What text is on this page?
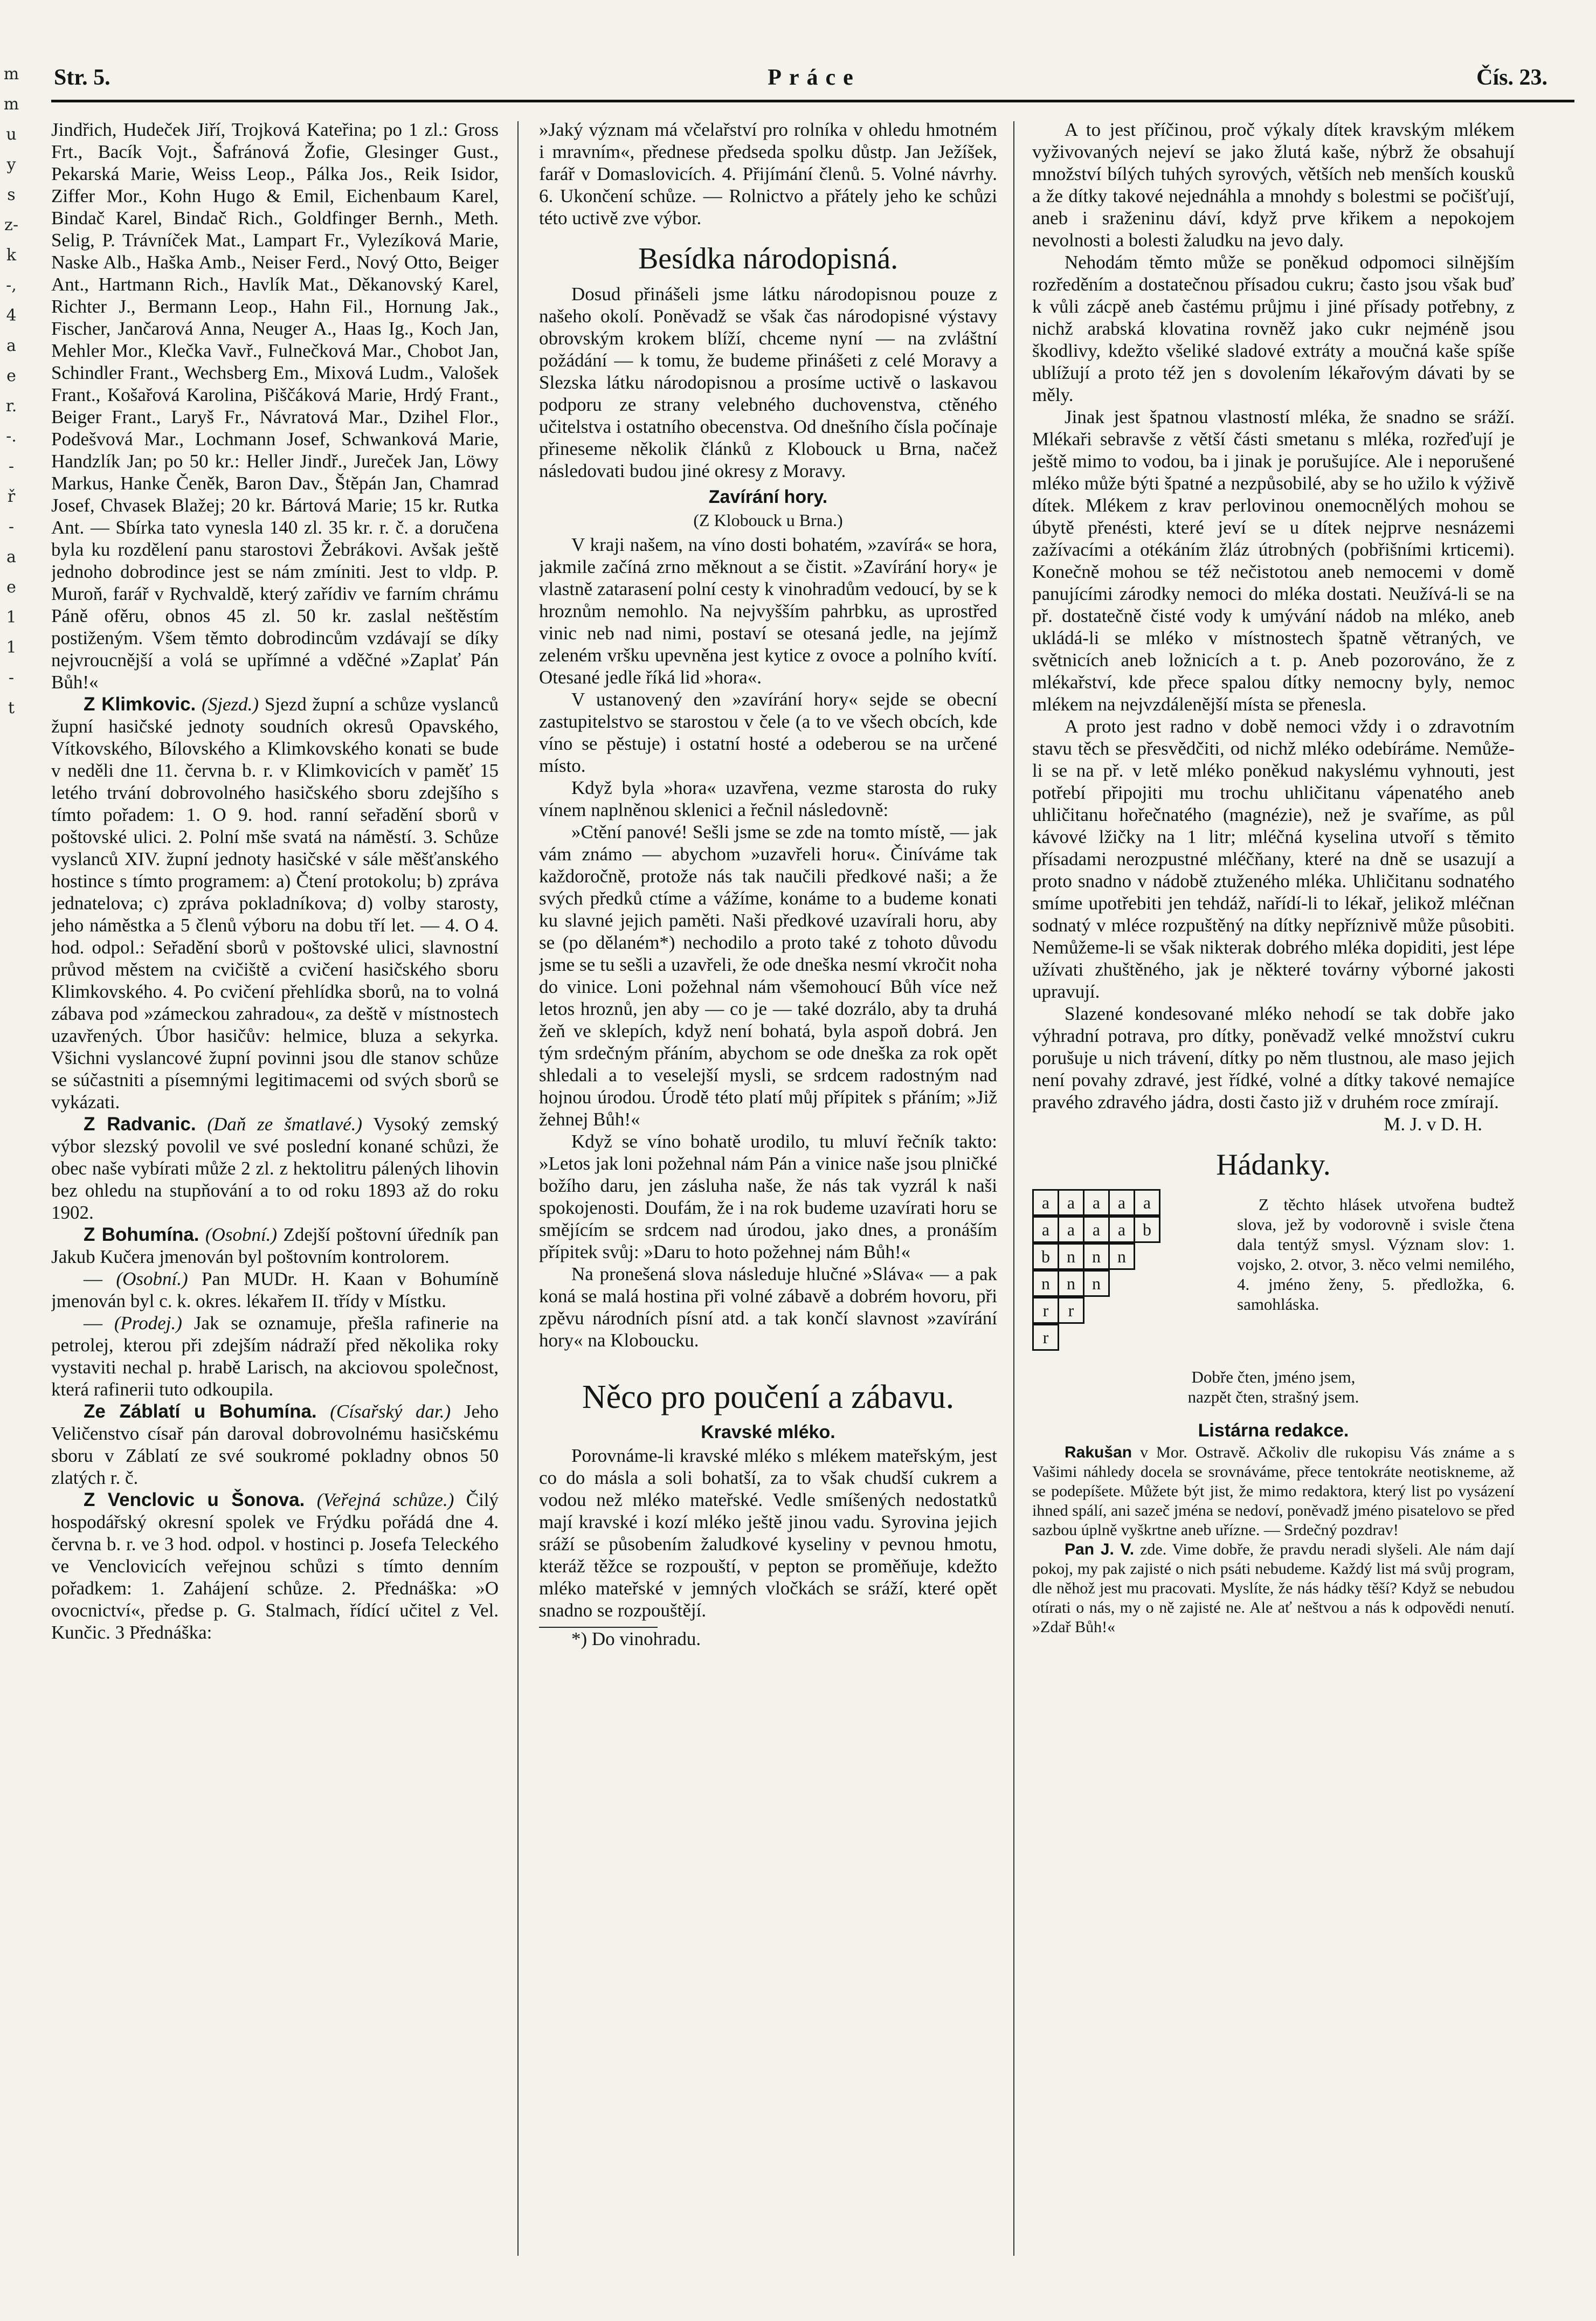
m
m
u
y
s
z-
k
-,
4
a
e
r.
-.
-
ř
-
a
e
1
1
-
t
Str. 5.	Práce	Čís. 23.

Jindřich, Hudeček Jiří, Trojková Kateřina; po 1 zl.: Gross Frt., Bacík Vojt., Šafránová Žofie, Glesinger Gust., Pekarská Marie, Weiss Leop., Pálka Jos., Reik Isidor, Ziffer Mor., Kohn Hugo & Emil, Eichenbaum Karel, Bindač Karel, Bindač Rich., Goldfinger Bernh., Meth. Selig, P. Trávníček Mat., Lampart Fr., Vylezíková Marie, Naske Alb., Haška Amb., Neiser Ferd., Nový Otto, Beiger Ant., Hartmann Rich., Havlík Mat., Děkanovský Karel, Richter J., Bermann Leop., Hahn Fil., Hornung Jak., Fischer, Jančarová Anna, Neuger A., Haas Ig., Koch Jan, Mehler Mor., Klečka Vavř., Fulnečková Mar., Chobot Jan, Schindler Frant., Wechsberg Em., Mixová Ludm., Valošek Frant., Košařová Karolina, Piščáková Marie, Hrdý Frant., Beiger Frant., Laryš Fr., Návratová Mar., Dzihel Flor., Podešvová Mar., Lochmann Josef, Schwanková Marie, Handzlík Jan; po 50 kr.: Heller Jindř., Jureček Jan, Löwy Markus, Hanke Čeněk, Baron Dav., Štěpán Jan, Chamrad Josef, Chvasek Blažej; 20 kr. Bártová Marie; 15 kr. Rutka Ant. — Sbírka tato vynesla 140 zl. 35 kr. r. č. a doručena byla ku rozdělení panu starostovi Žebrákovi. Avšak ještě jednoho dobrodince jest se nám zmíniti. Jest to vldp. P. Muroň, farář v Rychvaldě, který zařídiv ve farním chrámu Páně ofěru, obnos 45 zl. 50 kr. zaslal neštěstím postiženým. Všem těmto dobrodincům vzdávají se díky nejvroucnější a volá se upřímné a vděčné »Zaplať Pán Bůh!«

Z Klimkovic. (Sjezd.) Sjezd župní a schůze vyslanců župní hasičské jednoty soudních okresů Opavského, Vítkovského, Bílovského a Klimkovského konati se bude v neděli dne 11. června b. r. v Klimkovicích v paměť 15 letého trvání dobrovolného hasičského sboru zdejšího s tímto pořadem: 1. O 9. hod. ranní seřadění sborů v poštovské ulici. 2. Polní mše svatá na náměstí. 3. Schůze vyslanců XIV. župní jednoty hasičské v sále měšťanského hostince s tímto programem: a) Čtení protokolu; b) zpráva jednatelova; c) zpráva pokladníkova; d) volby starosty, jeho náměstka a 5 členů výboru na dobu tří let. — 4. O 4. hod. odpol.: Seřadění sborů v poštovské ulici, slavnostní průvod městem na cvičiště a cvičení hasičského sboru Klimkovského. 4. Po cvičení přehlídka sborů, na to volná zábava pod »zámeckou zahradou«, za deště v místnostech uzavřených. Úbor hasičův: helmice, bluza a sekyrka. Všichni vyslancové župní povinni jsou dle stanov schůze se súčastniti a písemnými legitimacemi od svých sborů se vykázati.

Z Radvanic. (Daň ze šmatlavé.) Vysoký zemský výbor slezský povolil ve své poslední konané schůzi, že obec naše vybírati může 2 zl. z hektolitru pálených lihovin bez ohledu na stupňování a to od roku 1893 až do roku 1902.

Z Bohumína. (Osobní.) Zdejší poštovní úředník pan Jakub Kučera jmenován byl poštovním kontrolorem.

— (Osobní.) Pan MUDr. H. Kaan v Bohumíně jmenován byl c. k. okres. lékařem II. třídy v Místku.

— (Prodej.) Jak se oznamuje, přešla rafinerie na petrolej, kterou při zdejším nádraží před několika roky vystaviti nechal p. hrabě Larisch, na akciovou společnost, která rafinerii tuto odkoupila.

Ze Záblatí u Bohumína. (Císařský dar.) Jeho Veličenstvo císař pán daroval dobrovolnému hasičskému sboru v Záblatí ze své soukromé pokladny obnos 50 zlatých r. č.

Z Venclovic u Šonova. (Veřejná schůze.) Čilý hospodářský okresní spolek ve Frýdku pořádá dne 4. června b. r. ve 3 hod. odpol. v hostinci p. Josefa Teleckého ve Venclovicích veřejnou schůzi s tímto denním pořadkem: 1. Zahájení schůze. 2. Přednáška: »O ovocnictví«, předse p. G. Stalmach, řídící učitel z Vel. Kunčic. 3 Přednáška:

»Jaký význam má včelařství pro rolníka v ohledu hmotném i mravním«, přednese předseda spolku důstp. Jan Ježíšek, farář v Domaslovicích. 4. Přijímání členů. 5. Volné návrhy. 6. Ukončení schůze. — Rolnictvo a přátely jeho ke schůzi této uctivě zve výbor.

Besídka národopisná.

Dosud přinášeli jsme látku národopisnou pouze z našeho okolí. Poněvadž se však čas národopisné výstavy obrovským krokem blíží, chceme nyní — na zvláštní požádání — k tomu, že budeme přinášeti z celé Moravy a Slezska látku národopisnou a prosíme uctivě o laskavou podporu ze strany velebného duchovenstva, ctěného učitelstva i ostatního obecenstva. Od dnešního čísla počínaje přineseme několik článků z Klobouck u Brna, načež následovati budou jiné okresy z Moravy.

Zavírání hory.
(Z Klobouck u Brna.)

V kraji našem, na víno dosti bohatém, »zavírá« se hora, jakmile začíná zrno měknout a se čistit. »Zavírání hory« je vlastně zatarasení polní cesty k vinohradům vedoucí, by se k hroznům nemohlo. Na nejvyšším pahrbku, as uprostřed vinic neb nad nimi, postaví se otesaná jedle, na jejímž zeleném vršku upevněna jest kytice z ovoce a polního kvítí. Otesané jedle říká lid »hora«.

V ustanovený den »zavírání hory« sejde se obecní zastupitelstvo se starostou v čele (a to ve všech obcích, kde víno se pěstuje) i ostatní hosté a odeberou se na určené místo.

Když byla »hora« uzavřena, vezme starosta do ruky vínem naplněnou sklenici a řečnil následovně:

»Ctění panové! Sešli jsme se zde na tomto místě, — jak vám známo — abychom »uzavřeli horu«. Činíváme tak každoročně, protože nás tak naučili předkové naši; a že svých předků ctíme a vážíme, konáme to a budeme konati ku slavné jejich paměti. Naši předkové uzavírali horu, aby se (po dělaném*) nechodilo a proto také z tohoto důvodu jsme se tu sešli a uzavřeli, že ode dneška nesmí vkročit noha do vinice. Loni požehnal nám všemohoucí Bůh více než letos hroznů, jen aby — co je — také dozrálo, aby ta druhá žeň ve sklepích, když není bohatá, byla aspoň dobrá. Jen tým srdečným přáním, abychom se ode dneška za rok opět shledali a to veselejší mysli, se srdcem radostným nad hojnou úrodou. Úrodě této platí můj přípitek s přáním; »Již žehnej Bůh!«

Když se víno bohatě urodilo, tu mluví řečník takto: »Letos jak loni požehnal nám Pán a vinice naše jsou plničké božího daru, jen zásluha naše, že nás tak vyzrál k naši spokojenosti. Doufám, že i na rok budeme uzavírati horu se smějícím se srdcem nad úrodou, jako dnes, a pronáším přípitek svůj: »Daru to hoto požehnej nám Bůh!«

Na pronešená slova následuje hlučné »Sláva« — a pak koná se malá hostina při volné zábavě a dobrém hovoru, při zpěvu národních písní atd. a tak končí slavnost »zavírání hory« na Kloboucku.

Něco pro poučení a zábavu.
Kravské mléko.

Porovnáme-li kravské mléko s mlékem mateřským, jest co do másla a soli bohatší, za to však chudší cukrem a vodou než mléko mateřské. Vedle smíšených nedostatků mají kravské i kozí mléko ještě jinou vadu. Syrovina jejich sráží se působením žaludkové kyseliny v pevnou hmotu, kteráž těžce se rozpouští, v pepton se proměňuje, kdežto mléko mateřské v jemných vločkách se sráží, které opět snadno se rozpouštějí.

*) Do vinohradu.

A to jest příčinou, proč výkaly dítek kravským mlékem vyživovaných nejeví se jako žlutá kaše, nýbrž že obsahují množství bílých tuhých syrových, větších neb menších kousků a že dítky takové nejednáhla a mnohdy s bolestmi se počišťují, aneb i sraženinu dáví, když prve křikem a nepokojem nevolnosti a bolesti žaludku na jevo daly.

Nehodám těmto může se poněkud odpomoci silnějším rozředěním a dostatečnou přísadou cukru; často jsou však buď k vůli zácpě aneb častému průjmu i jiné přísady potřebny, z nichž arabská klovatina rovněž jako cukr nejméně jsou škodlivy, kdežto všeliké sladové extráty a moučná kaše spíše ublížují a proto též jen s dovolením lékařovým dávati by se měly.

Jinak jest špatnou vlastností mléka, že snadno se sráží. Mlékaři sebravše z větší části smetanu s mléka, rozřeďují je ještě mimo to vodou, ba i jinak je porušujíce. Ale i neporušené mléko může býti špatné a nezpůsobilé, aby se ho užilo k výživě dítek. Mlékem z krav perlovinou onemocnělých mohou se úbytě přenésti, které jeví se u dítek nejprve nesnázemi zažívacími a otékáním žláz útrobných (pobřišními krticemi). Konečně mohou se též nečistotou aneb nemocemi v domě panujícími zárodky nemoci do mléka dostati. Neužívá-li se na př. dostatečně čisté vody k umývání nádob na mléko, aneb ukládá-li se mléko v místnostech špatně větraných, ve světnicích aneb ložnicích a t. p. Aneb pozorováno, že z mlékařství, kde přece spalou dítky nemocny byly, nemoc mlékem na nejvzdálenější místa se přenesla.

A proto jest radno v době nemoci vždy i o zdravotním stavu těch se přesvědčiti, od nichž mléko odebíráme. Nemůže-li se na př. v letě mléko poněkud nakyslému vyhnouti, jest potřebí připojiti mu trochu uhličitanu vápenatého aneb uhličitanu hořečnatého (magnézie), než je svaříme, as půl kávové lžičky na 1 litr; mléčná kyselina utvoří s těmito přísadami nerozpustné mléčňany, které na dně se usazují a proto snadno v nádobě ztuženého mléka. Uhličitanu sodnatého smíme upotřebiti jen tehdáž, nařídí-li to lékař, jelikož mléčnan sodnatý v mléce rozpuštěný na dítky nepříznivě může působiti. Nemůžeme-li se však nikterak dobrého mléka dopiditi, jest lépe užívati zhuštěného, jak je některé továrny výborné jakosti upravují.

Slazené kondesované mléko nehodí se tak dobře jako výhradní potrava, pro dítky, poněvadž velké množství cukru porušuje u nich trávení, dítky po něm tlustnou, ale maso jejich není povahy zdravé, jest řídké, volné a dítky takové nemajíce pravého zdravého jádra, dosti často již v druhém roce zmírají.

M. J. v D. H.
Hádanky.
a a a a a
a a a a b
b n n n
n n n
r r
r

Z těchto hlásek utvořena budtež slova, jež by vodorovně i svisle čtena dala tentýž smysl. Význam slov: 1. vojsko, 2. otvor, 3. něco velmi nemilého, 4. jméno ženy, 5. předložka, 6. samohláska.

Dobře čten, jméno jsem,
nazpět čten, strašný jsem.
Listárna redakce.

Rakušan v Mor. Ostravě. Ačkoliv dle rukopisu Vás známe a s Vašimi náhledy docela se srovnáváme, přece tentokráte neotiskneme, až se podepíšete. Můžete být jist, že mimo redaktora, který list po vysázení ihned spálí, ani sazeč jména se nedoví, poněvadž jméno pisatelovo se před sazbou úplně vyškrtne aneb uřízne. — Srdečný pozdrav!

Pan J. V. zde. Vime dobře, že pravdu neradi slyšeli. Ale nám dají pokoj, my pak zajisté o nich psáti nebudeme. Každý list má svůj program, dle něhož jest mu pracovati. Myslíte, že nás hádky těší? Když se nebudou otírati o nás, my o ně zajisté ne. Ale ať neštvou a nás k odpovědi nenutí. »Zdař Bůh!«
